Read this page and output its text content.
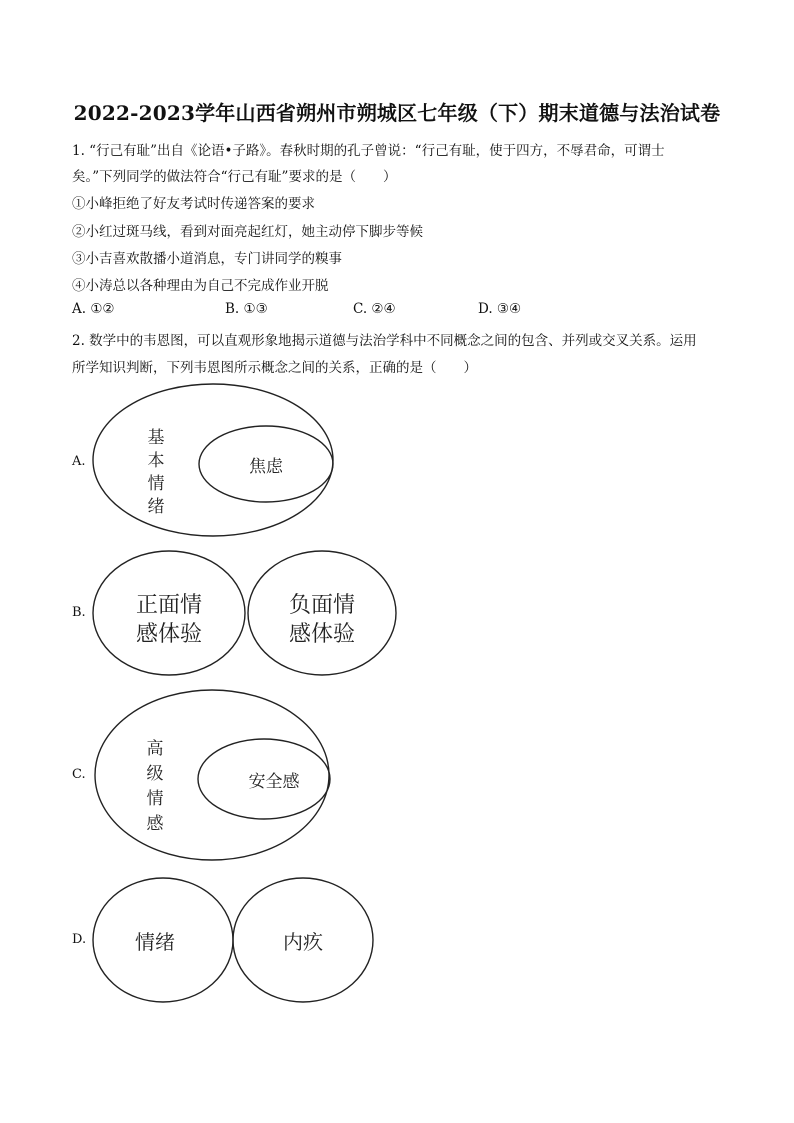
2022-2023学年山西省朔州市朔城区七年级（下）期末道德与法治试卷
1. “行己有耻”出自《论语•子路》。春秋时期的孔子曾说：“行己有耻，使于四方，不辱君命，可谓士
矣。”下列同学的做法符合“行己有耻”要求的是（　　）
①小峰拒绝了好友考试时传递答案的要求
②小红过斑马线，看到对面亮起红灯，她主动停下脚步等候
③小吉喜欢散播小道消息，专门讲同学的糗事
④小涛总以各种理由为自己不完成作业开脱
A. ①②	B. ①③	C. ②④	D. ③④
2. 数学中的韦恩图，可以直观形象地揭示道德与法治学科中不同概念之间的包含、并列或交叉关系。运用
所学知识判断，下列韦恩图所示概念之间的关系，正确的是（　　）
A.
B.
C.
D.
基
本
情
绪
焦虑
正面情
感体验
负面情
感体验
高
级
情
感
安全感
情绪	内疚
